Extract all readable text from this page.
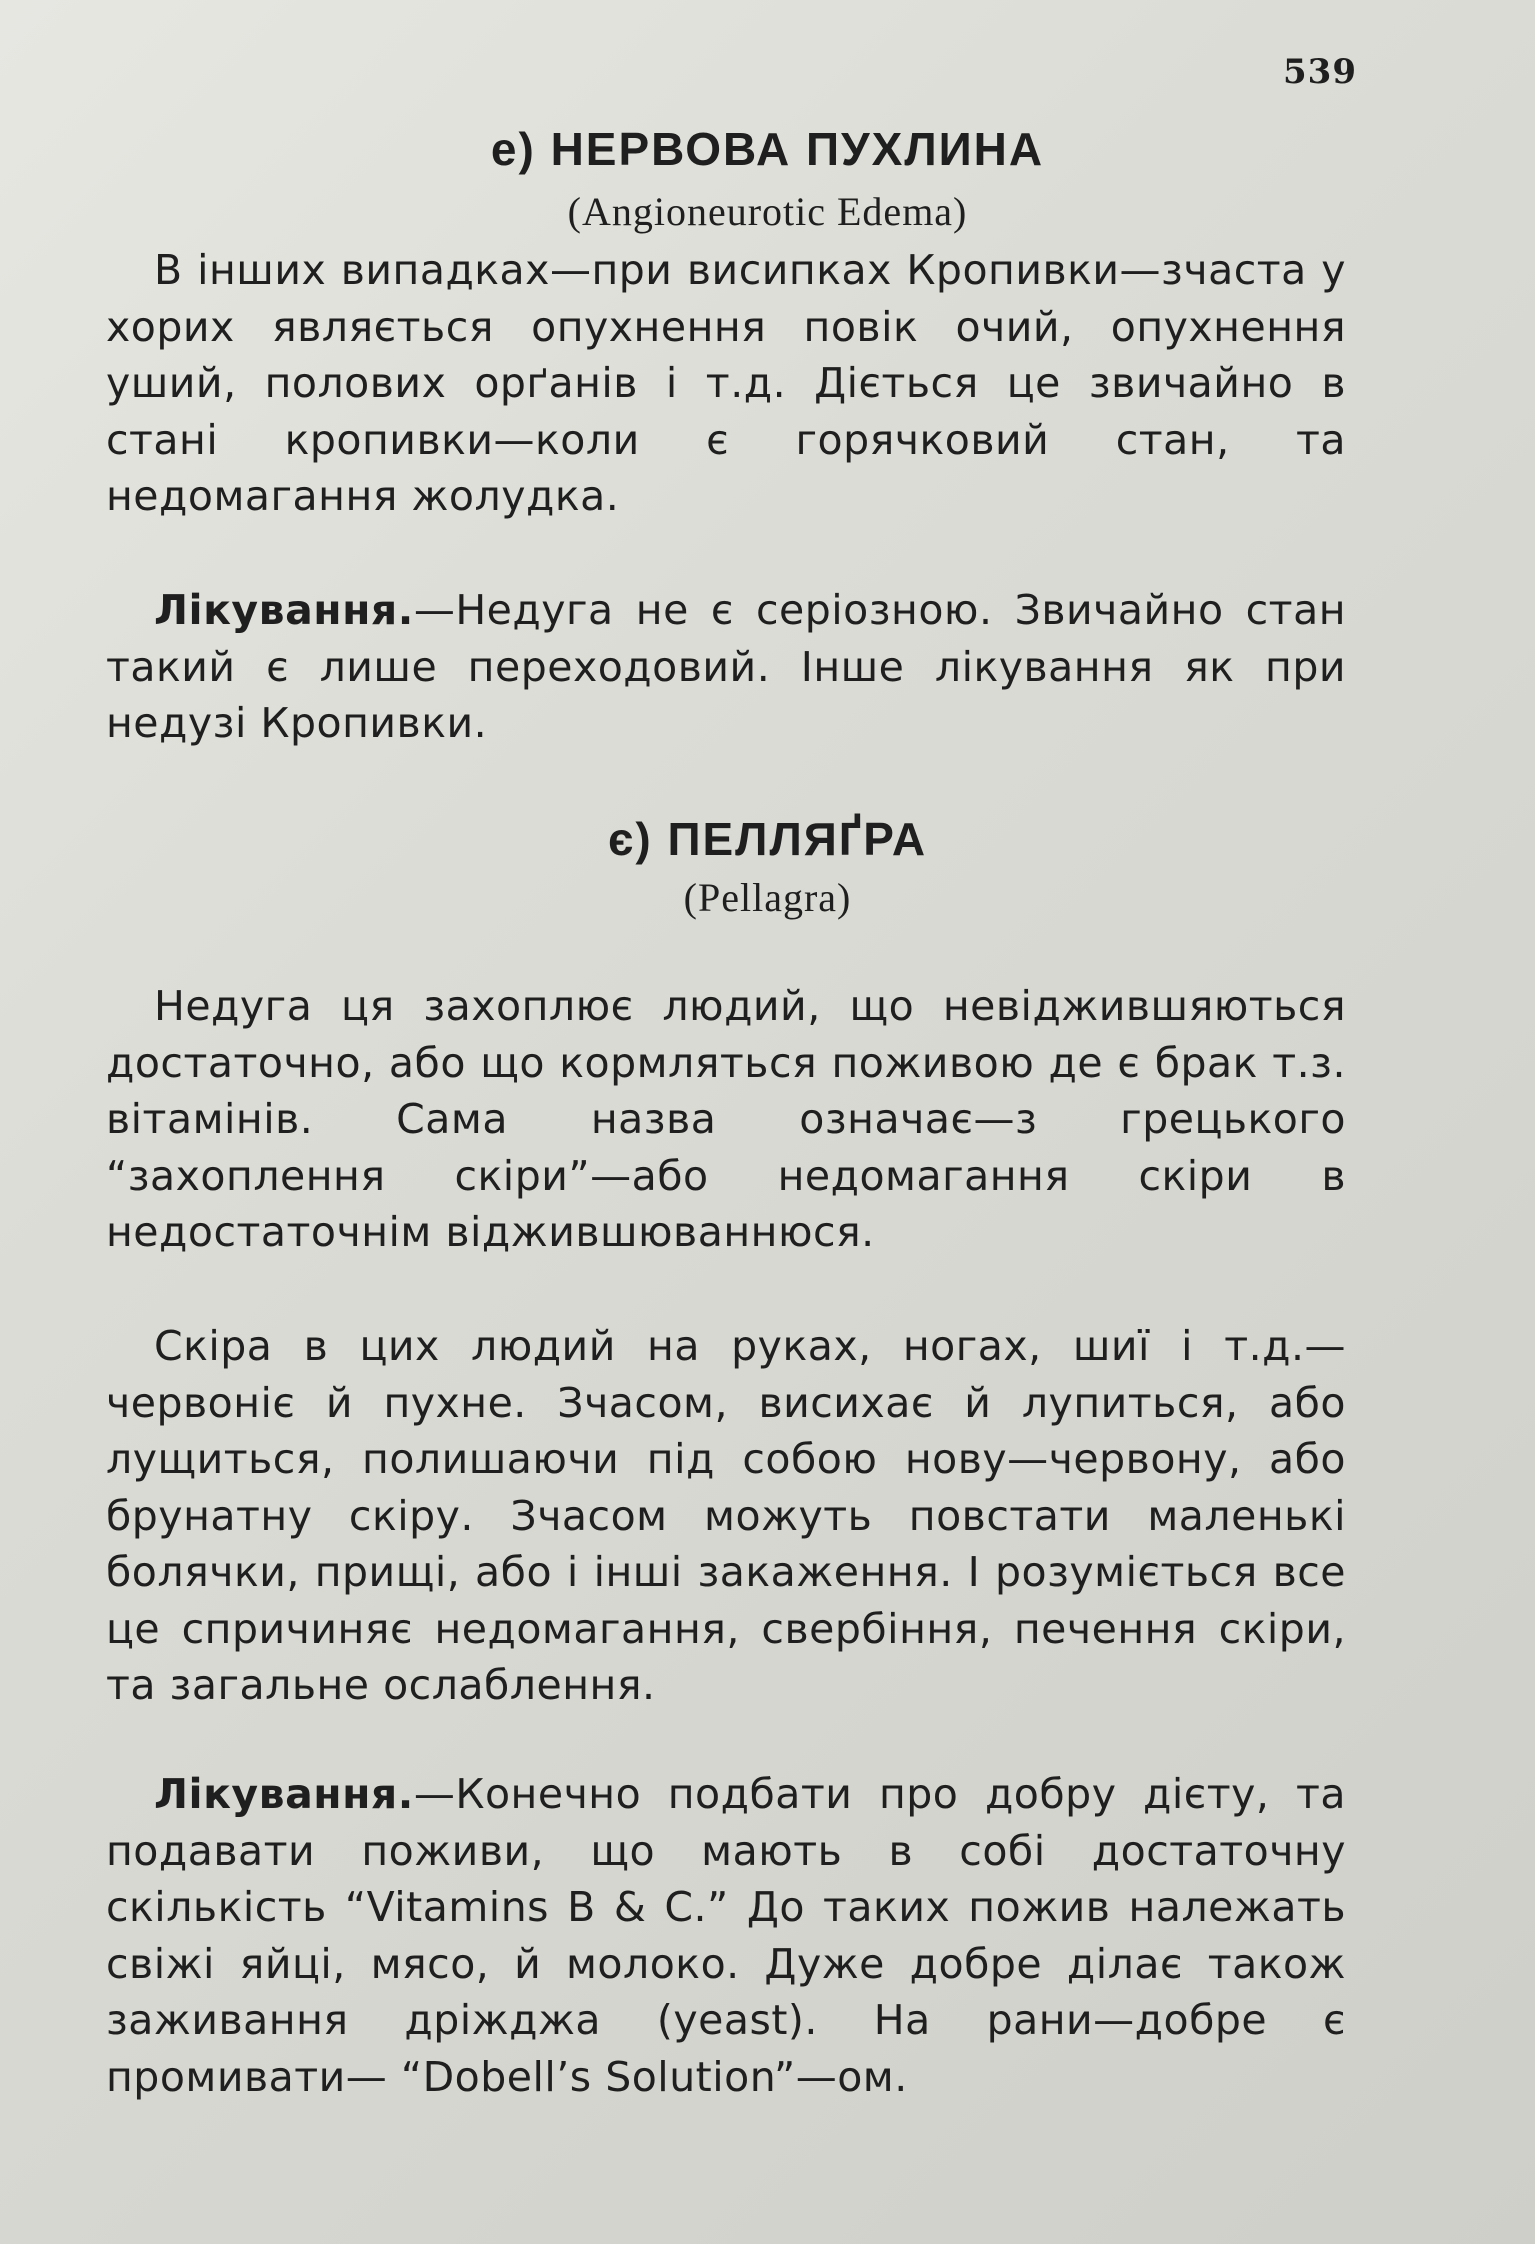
539
е) НЕРВОВА ПУХЛИНА
(Angioneurotic Edema)

В інших випадках—при висипках Кропивки—зчаста у хорих являється опухнення повік очий, опухнення уший, полових орґанів і т.д. Діється це звичайно в стані кропивки—коли є горячковий стан, та недомагання жолудка.

Лікування.—Недуга не є серіозною. Звичайно стан такий є лише переходовий. Інше лікування як при недузі Кропивки.

є) ПЕЛЛЯҐРА
(Pellagra)

Недуга ця захоплює людий, що невіджившяються достаточно, або що кормляться поживою де є брак т.з. вітамінів. Сама назва означає—з грецького “захоплення скіри”—або недомагання скіри в недостаточнім віджившюваннюся.

Скіра в цих людий на руках, ногах, шиї і т.д.—червоніє й пухне. Зчасом, висихає й лупиться, або лущиться, полишаючи під собою нову—червону, або брунатну скіру. Зчасом можуть повстати маленькі болячки, прищі, або і інші закаження. І розуміється все це спричиняє недомагання, свербіння, печення скіри, та загальне ослаблення.

Лікування.—Конечно подбати про добру дієту, та подавати поживи, що мають в собі достаточну скількість “Vitamins B & C.” До таких пожив належать свіжі яйці, мясо, й молоко. Дуже добре ділає також заживання дріжджа (yeast). На рани—добре є промивати— “Dobell’s Solution”—ом.
